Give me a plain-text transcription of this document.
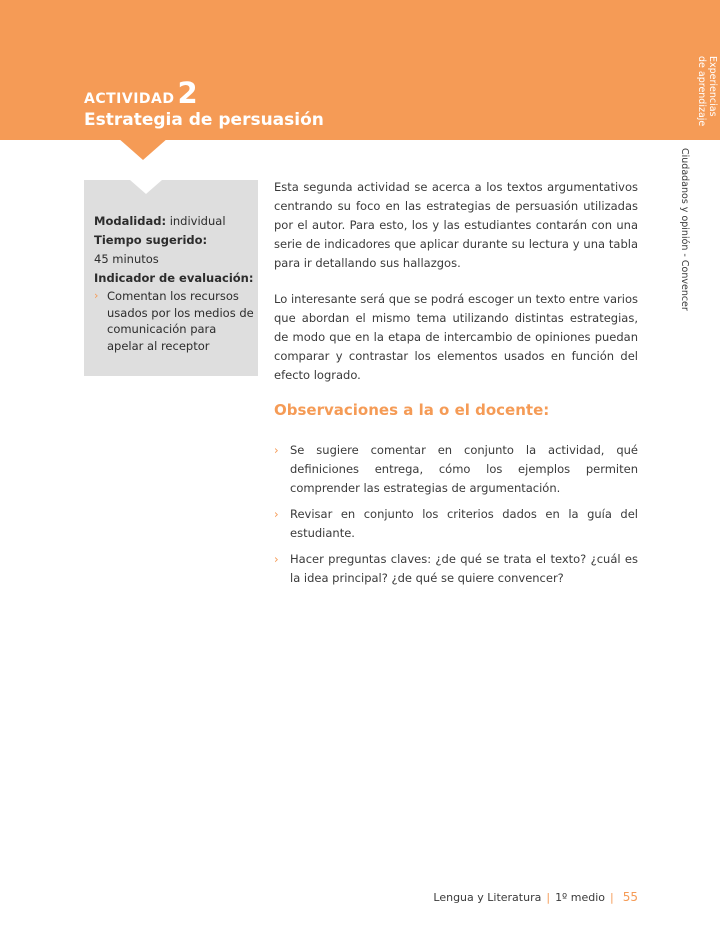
ACTIVIDAD 2
Estrategia de persuasión
Experiencias
de aprendizaje
Ciudadanos y opinión - Convencer
Modalidad: individual
Tiempo sugerido:
45 minutos
Indicador de evaluación:
› Comentan los recursos usados por los medios de comunicación para apelar al receptor

Esta segunda actividad se acerca a los textos argumentativos centrando su foco en las estrategias de persuasión utilizadas por el autor. Para esto, los y las estudiantes contarán con una serie de indicadores que aplicar durante su lectura y una tabla para ir detallando sus hallazgos.

Lo interesante será que se podrá escoger un texto entre varios que abordan el mismo tema utilizando distintas estrategias, de modo que en la etapa de intercambio de opiniones puedan comparar y contrastar los elementos usados en función del efecto logrado.

Observaciones a la o el docente:
› Se sugiere comentar en conjunto la actividad, qué definiciones entrega, cómo los ejemplos permiten comprender las estrategias de argumentación.
› Revisar en conjunto los criterios dados en la guía del estudiante.
› Hacer preguntas claves: ¿de qué se trata el texto? ¿cuál es la idea principal? ¿de qué se quiere convencer?
Lengua y Literatura | 1º medio | 55
